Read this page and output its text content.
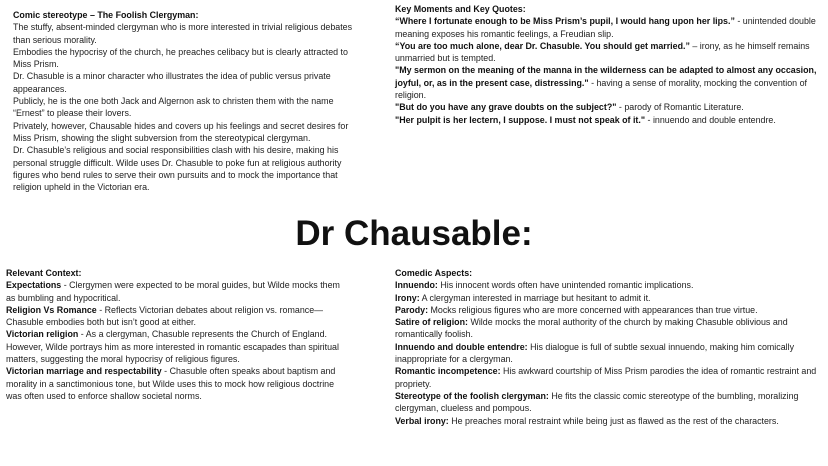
Comic stereotype – The Foolish Clergyman:

The stuffy, absent-minded clergyman who is more interested in trivial religious debates than serious morality.

Embodies the hypocrisy of the church, he preaches celibacy but is clearly attracted to Miss Prism.

Dr. Chasuble is a minor character who illustrates the idea of public versus private appearances.

Publicly, he is the one both Jack and Algernon ask to christen them with the name “Ernest” to please their lovers.

Privately, however, Chausable hides and covers up his feelings and secret desires for Miss Prism, showing the slight subversion from the stereotypical clergyman.

Dr. Chasuble’s religious and social responsibilities clash with his desire, making his personal struggle difficult. Wilde uses Dr. Chasuble to poke fun at religious authority figures who bend rules to serve their own pursuits and to mock the importance that religion upheld in the Victorian era.

Key Moments and Key Quotes:

“Where I fortunate enough to be Miss Prism’s pupil, I would hang upon her lips.” - unintended double meaning exposes his romantic feelings, a Freudian slip.

“You are too much alone, dear Dr. Chasuble. You should get married.” – irony, as he himself remains unmarried but is tempted.

"My sermon on the meaning of the manna in the wilderness can be adapted to almost any occasion, joyful, or, as in the present case, distressing." - having a sense of morality, mocking the convention of religion.

"But do you have any grave doubts on the subject?" - parody of Romantic Literature.

"Her pulpit is her lectern, I suppose. I must not speak of it." - innuendo and double entendre.

Dr Chausable:

Relevant Context:

Expectations - Clergymen were expected to be moral guides, but Wilde mocks them as bumbling and hypocritical.

Religion Vs Romance - Reflects Victorian debates about religion vs. romance—Chasuble embodies both but isn’t good at either.

Victorian religion - As a clergyman, Chasuble represents the Church of England. However, Wilde portrays him as more interested in romantic escapades than spiritual matters, suggesting the moral hypocrisy of religious figures.

Victorian marriage and respectability - Chasuble often speaks about baptism and morality in a sanctimonious tone, but Wilde uses this to mock how religious doctrine was often used to enforce shallow societal norms.

Comedic Aspects:

Innuendo: His innocent words often have unintended romantic implications.

Irony: A clergyman interested in marriage but hesitant to admit it.

Parody: Mocks religious figures who are more concerned with appearances than true virtue.

Satire of religion: Wilde mocks the moral authority of the church by making Chasuble oblivious and romantically foolish.

Innuendo and double entendre: His dialogue is full of subtle sexual innuendo, making him comically inappropriate for a clergyman.

Romantic incompetence: His awkward courtship of Miss Prism parodies the idea of romantic restraint and propriety.

Stereotype of the foolish clergyman: He fits the classic comic stereotype of the bumbling, moralizing clergyman, clueless and pompous.

Verbal irony: He preaches moral restraint while being just as flawed as the rest of the characters.
